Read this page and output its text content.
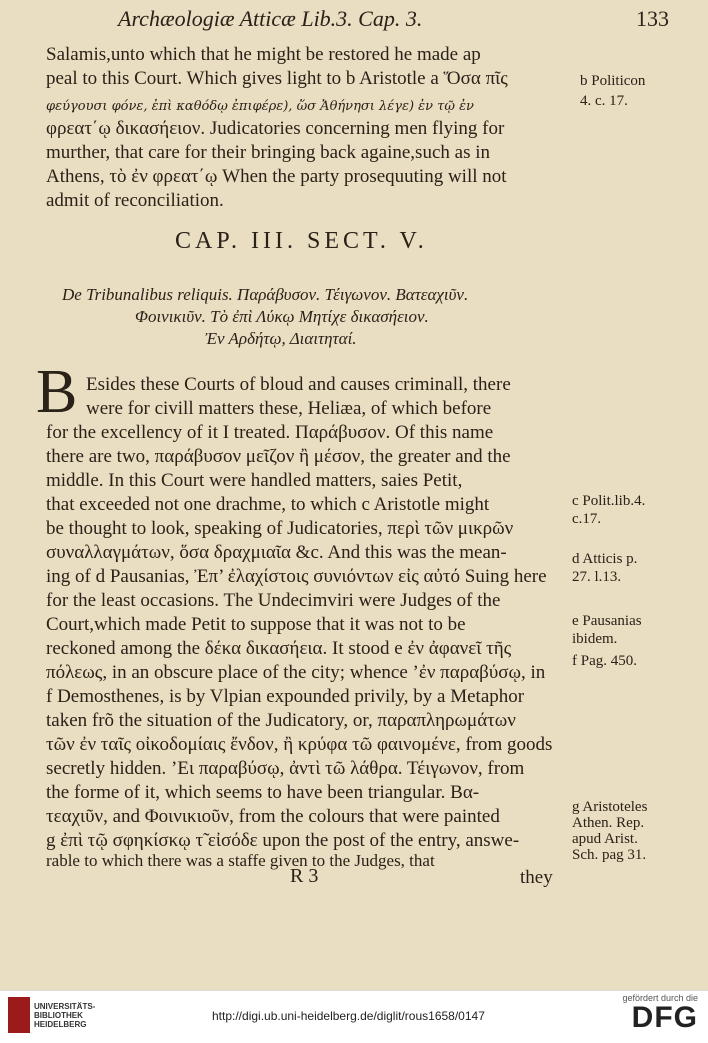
Archæologiæ Atticæ Lib.3. Cap. 3.	133
Salamis,unto which that he might be restored he made ap
peal to this Court. Which gives light to b Aristotle a Ὅσα πῖς
φεύγουσι φόνε, ἐπὶ καθόδῳ ἐπιφέρε), ὥσ Ἀθήνησι λέγε) ἐν τῷ ἐν
φρεατ΄ῳ δικασήειον. Judicatories concerning men flying for
murther, that care for their bringing back againe,such as in
Athens, τὸ ἐν φρεατ΄ῳ When the party prosequuting will not
admit of reconciliation.
CAP. III. SECT. V.
De Tribunalibus reliquis. Παράβυσον. Τέιγωνον. Βατεαχιῦν.
Φοινικιῦν. Τὸ ἐπὶ Λύκῳ Μητίχε δικασήειον.
Ἐν Αρδήτῳ, Διαιτηταί.
B Esides these Courts of bloud and causes criminall, there
were for civill matters these, Heliæa, of which before
for the excellency of it I treated. Παράβυσον. Of this name
there are two, παράβυσον μεῖζον ἢ μέσον, the greater and the
middle. In this Court were handled matters, saies Petit,
that exceeded not one drachme, to which c Aristotle might
be thought to look, speaking of Judicatories, περὶ τῶν μικρῶν
συναλλαγμάτων, ὅσα δραχμιαῖα &c. And this was the mean-
ing of d Pausanias, Ἐπ’ ἐλαχίστοις συνιόντων εἰς αὐτό Suing here
for the least occasions. The Undecimviri were Judges of the
Court,which made Petit to suppose that it was not to be
reckoned among the δέκα δικασήεια. It stood e ἐν ἀφανεῖ τῆς
πόλεως, in an obscure place of the city; whence ’ἐν παραβύσῳ, in
f Demosthenes, is by Vlpian expounded privily, by a Metaphor
taken frõ the situation of the Judicatory, or, παραπληρωμάτων
τῶν ἐν ταῖς οἰκοδομίαις ἔνδον, ἢ κρύφα τῶ φαινομένε, from goods
secretly hidden. ’Ει παραβύσῳ, ἀντὶ τῶ λάθρα. Τέιγωνον, from
the forme of it, which seems to have been triangular. Βα-
τεαχιῦν, and Φοινικιοῦν, from the colours that were painted
g ἐπὶ τῷ σφηκίσκῳ τ̃ εἰσόδε upon the post of the entry, answe-
rable to which there was a staffe given to the Judges, that
R 3	they
b Politicon
4. c. 17.
c Polit.lib.4.
c.17.
d Atticis p.
27. l.13.
e Pausanias
ibidem.
f Pag. 450.
g Aristoteles
Athen. Rep.
apud Arist.
Sch. pag 31.
UNIVERSITÄTS-
BIBLIOTHEK
HEIDELBERG
http://digi.ub.uni-heidelberg.de/diglit/rous1658/0147
gefördert durch die
DFG
